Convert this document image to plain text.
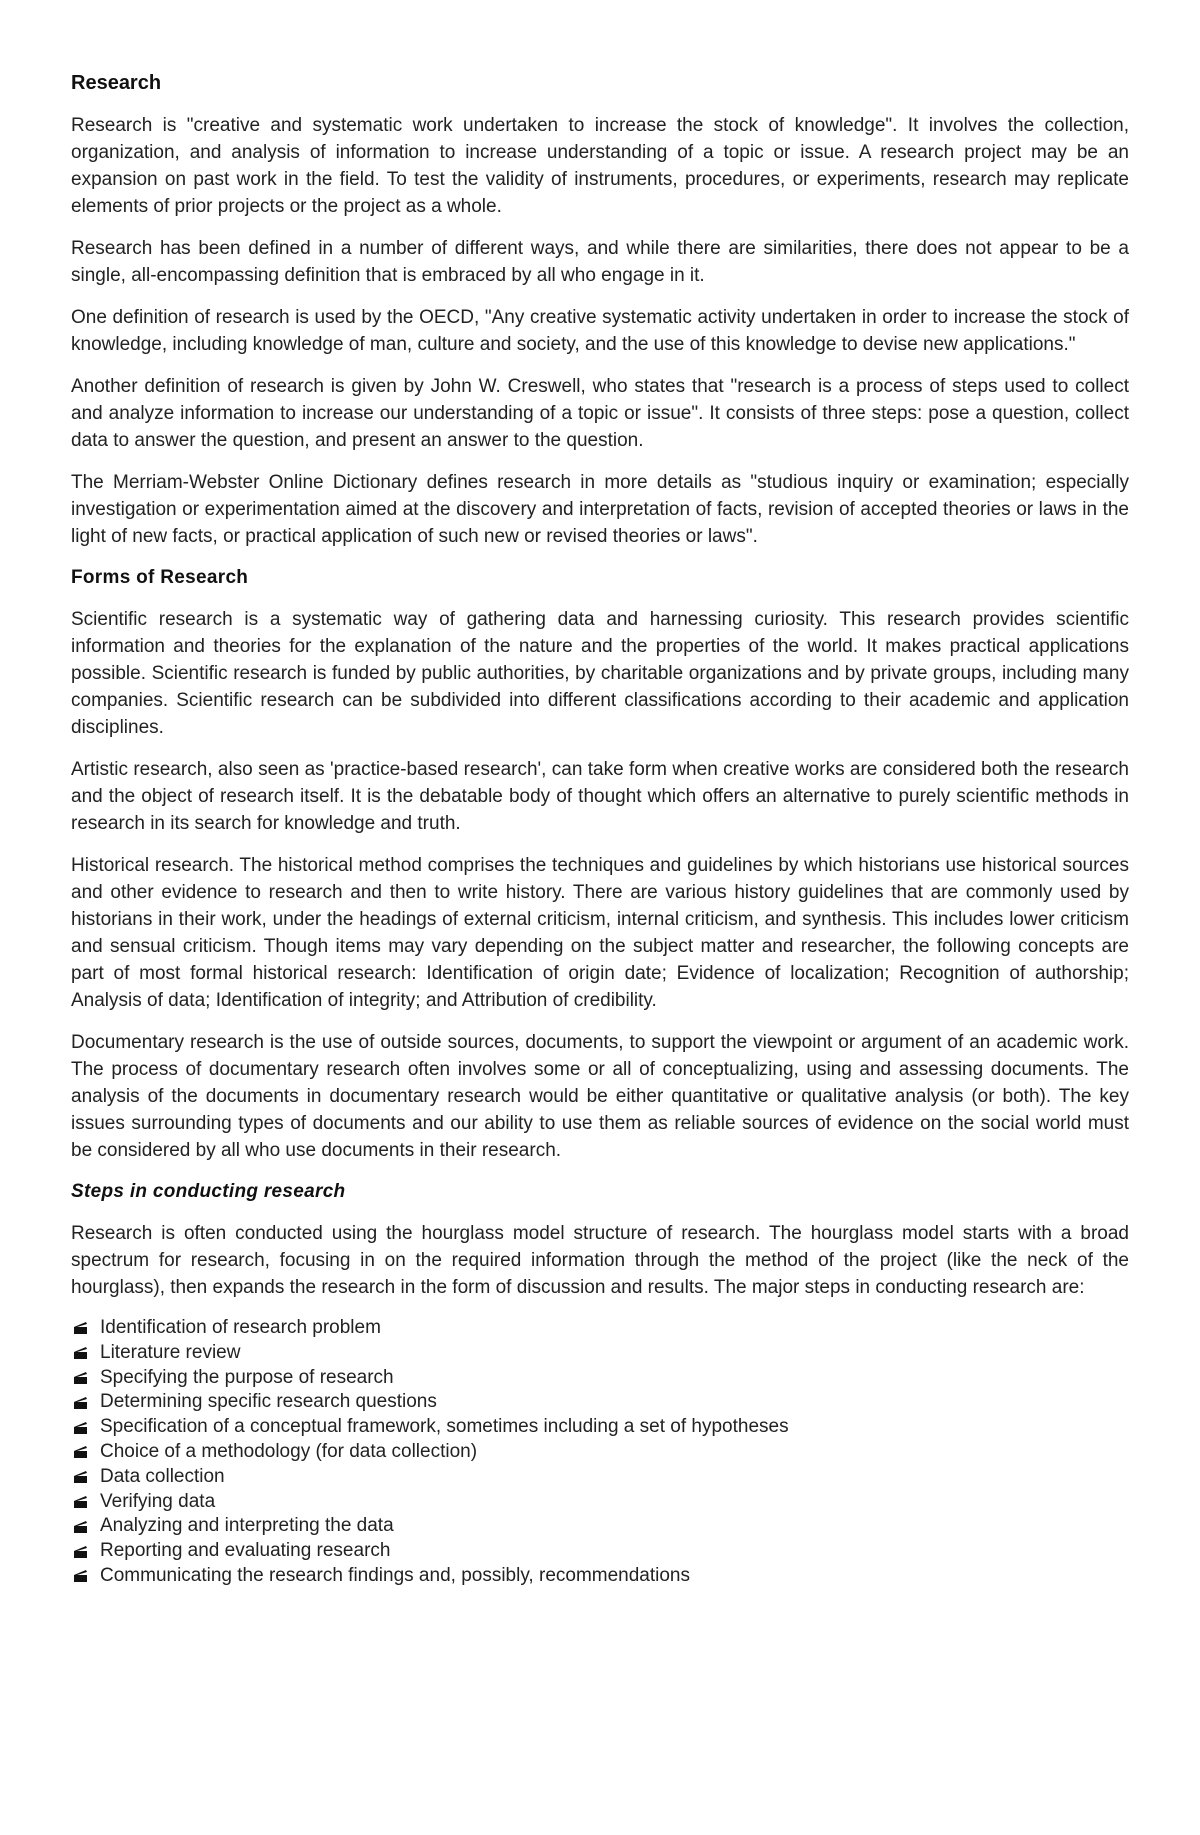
Research

Research is "creative and systematic work undertaken to increase the stock of knowledge". It involves the collection, organization, and analysis of information to increase understanding of a topic or issue. A research project may be an expansion on past work in the field. To test the validity of instruments, procedures, or experiments, research may replicate elements of prior projects or the project as a whole.

Research has been defined in a number of different ways, and while there are similarities, there does not appear to be a single, all-encompassing definition that is embraced by all who engage in it.

One definition of research is used by the OECD, "Any creative systematic activity undertaken in order to increase the stock of knowledge, including knowledge of man, culture and society, and the use of this knowledge to devise new applications."

Another definition of research is given by John W. Creswell, who states that "research is a process of steps used to collect and analyze information to increase our understanding of a topic or issue". It consists of three steps: pose a question, collect data to answer the question, and present an answer to the question.

The Merriam-Webster Online Dictionary defines research in more details as "studious inquiry or examination; especially investigation or experimentation aimed at the discovery and interpretation of facts, revision of accepted theories or laws in the light of new facts, or practical application of such new or revised theories or laws".

Forms of Research

Scientific research is a systematic way of gathering data and harnessing curiosity. This research provides scientific information and theories for the explanation of the nature and the properties of the world. It makes practical applications possible. Scientific research is funded by public authorities, by charitable organizations and by private groups, including many companies. Scientific research can be subdivided into different classifications according to their academic and application disciplines.

Artistic research, also seen as 'practice-based research', can take form when creative works are considered both the research and the object of research itself. It is the debatable body of thought which offers an alternative to purely scientific methods in research in its search for knowledge and truth.

Historical research. The historical method comprises the techniques and guidelines by which historians use historical sources and other evidence to research and then to write history. There are various history guidelines that are commonly used by historians in their work, under the headings of external criticism, internal criticism, and synthesis. This includes lower criticism and sensual criticism. Though items may vary depending on the subject matter and researcher, the following concepts are part of most formal historical research: Identification of origin date; Evidence of localization; Recognition of authorship; Analysis of data; Identification of integrity; and Attribution of credibility.

Documentary research is the use of outside sources, documents, to support the viewpoint or argument of an academic work. The process of documentary research often involves some or all of conceptualizing, using and assessing documents. The analysis of the documents in documentary research would be either quantitative or qualitative analysis (or both). The key issues surrounding types of documents and our ability to use them as reliable sources of evidence on the social world must be considered by all who use documents in their research.

Steps in conducting research

Research is often conducted using the hourglass model structure of research. The hourglass model starts with a broad spectrum for research, focusing in on the required information through the method of the project (like the neck of the hourglass), then expands the research in the form of discussion and results. The major steps in conducting research are:

Identification of research problem
Literature review
Specifying the purpose of research
Determining specific research questions
Specification of a conceptual framework, sometimes including a set of hypotheses
Choice of a methodology (for data collection)
Data collection
Verifying data
Analyzing and interpreting the data
Reporting and evaluating research
Communicating the research findings and, possibly, recommendations
